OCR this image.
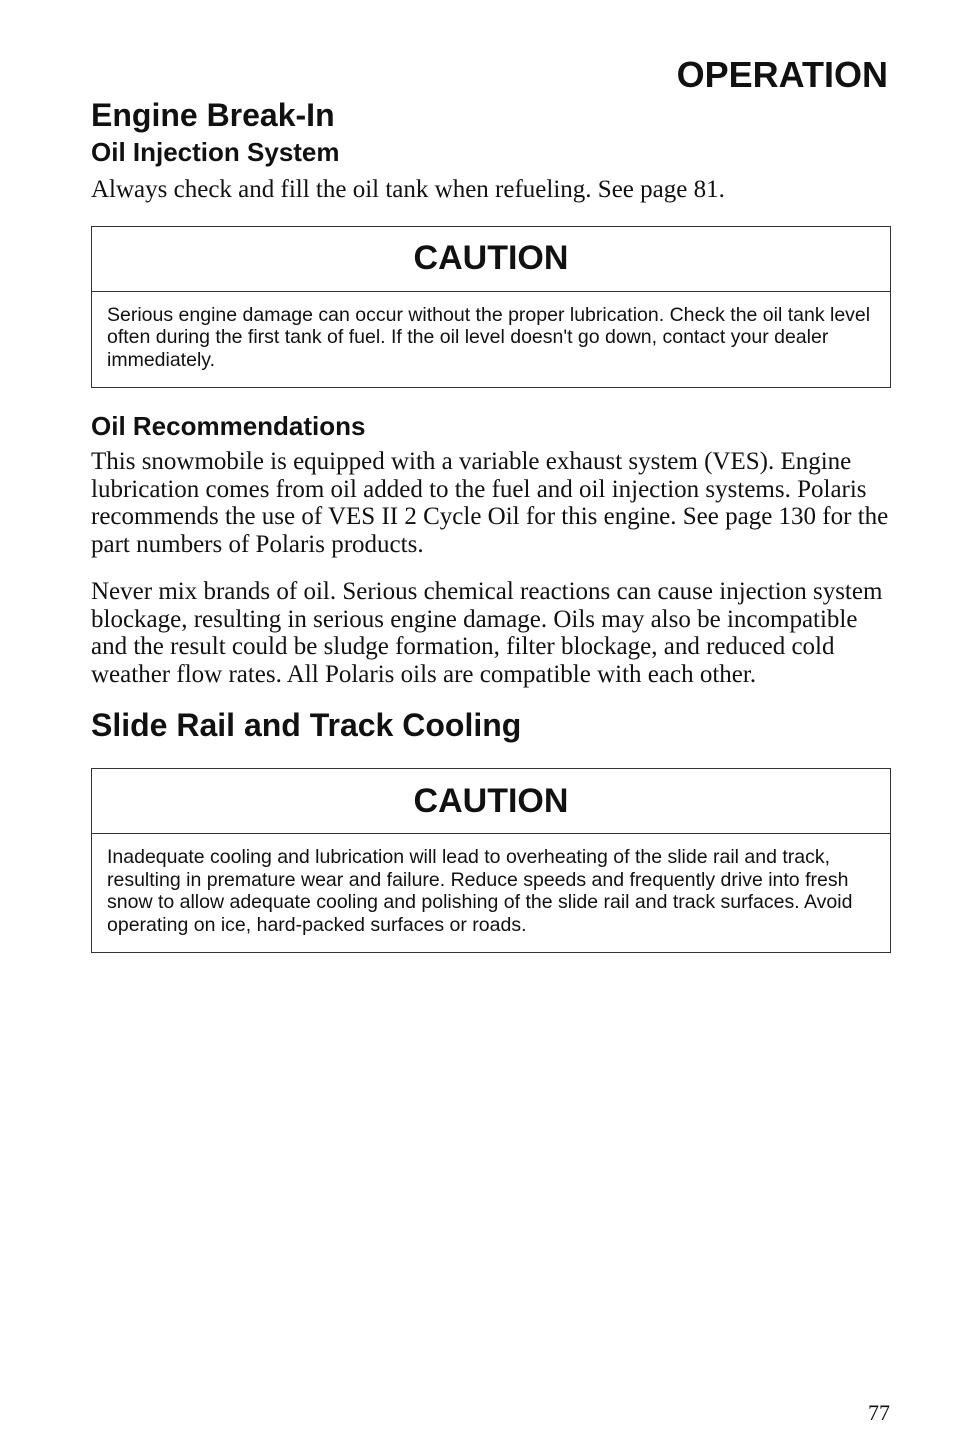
OPERATION
Engine Break-In
Oil Injection System

Always check and fill the oil tank when refueling. See page 81.

CAUTION
Serious engine damage can occur without the proper lubrication. Check the oil tank level often during the first tank of fuel. If the oil level doesn't go down, contact your dealer immediately.
Oil Recommendations

This snowmobile is equipped with a variable exhaust system (VES). Engine lubrication comes from oil added to the fuel and oil injection systems. Polaris recommends the use of VES II 2 Cycle Oil for this engine. See page 130 for the part numbers of Polaris products.

Never mix brands of oil. Serious chemical reactions can cause injection system blockage, resulting in serious engine damage. Oils may also be incompatible and the result could be sludge formation, filter blockage, and reduced cold weather flow rates. All Polaris oils are compatible with each other.

Slide Rail and Track Cooling
CAUTION
Inadequate cooling and lubrication will lead to overheating of the slide rail and track, resulting in premature wear and failure. Reduce speeds and frequently drive into fresh snow to allow adequate cooling and polishing of the slide rail and track surfaces. Avoid operating on ice, hard-packed surfaces or roads.
77
